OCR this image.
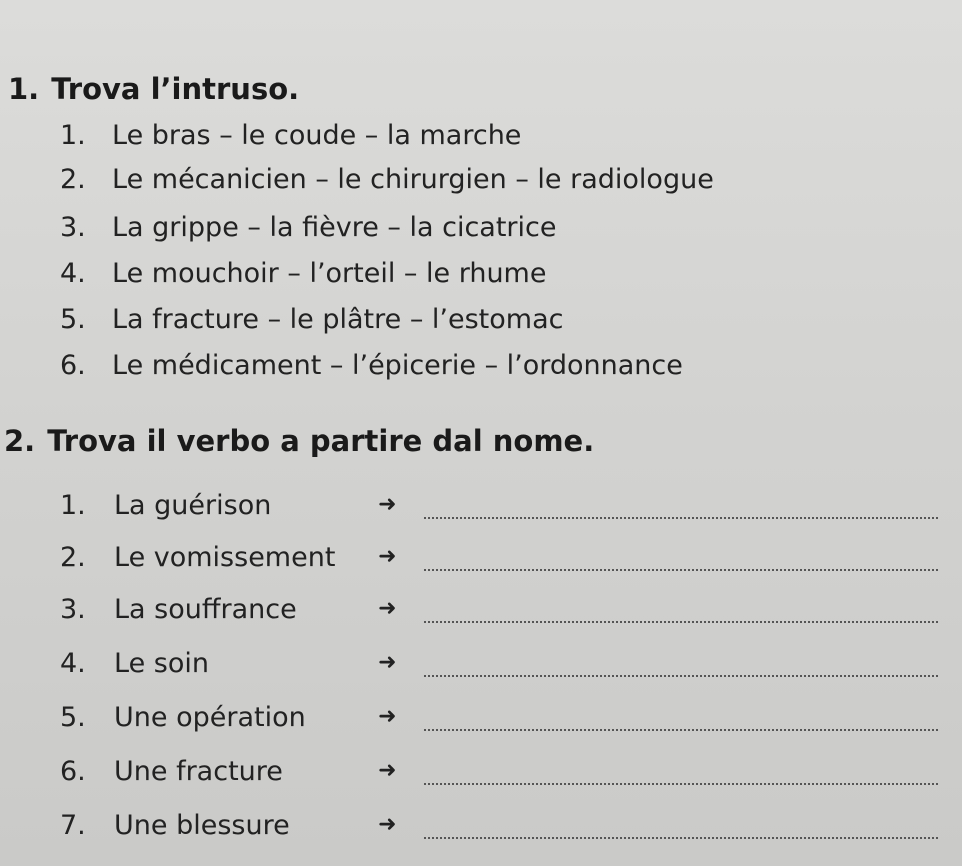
1. Trova l’intruso.
1. Le bras – le coude – la marche
2. Le mécanicien – le chirurgien – le radiologue
3. La grippe – la fièvre – la cicatrice
4. Le mouchoir – l’orteil – le rhume
5. La fracture – le plâtre – l’estomac
6. Le médicament – l’épicerie – l’ordonnance
2. Trova il verbo a partire dal nome.
1.	La guérison	➜
2.	Le vomissement ➜
3.	La souffrance	➜
4.	Le soin	➜
5.	Une opération	➜
6.	Une fracture	➜
7.	Une blessure	➜
